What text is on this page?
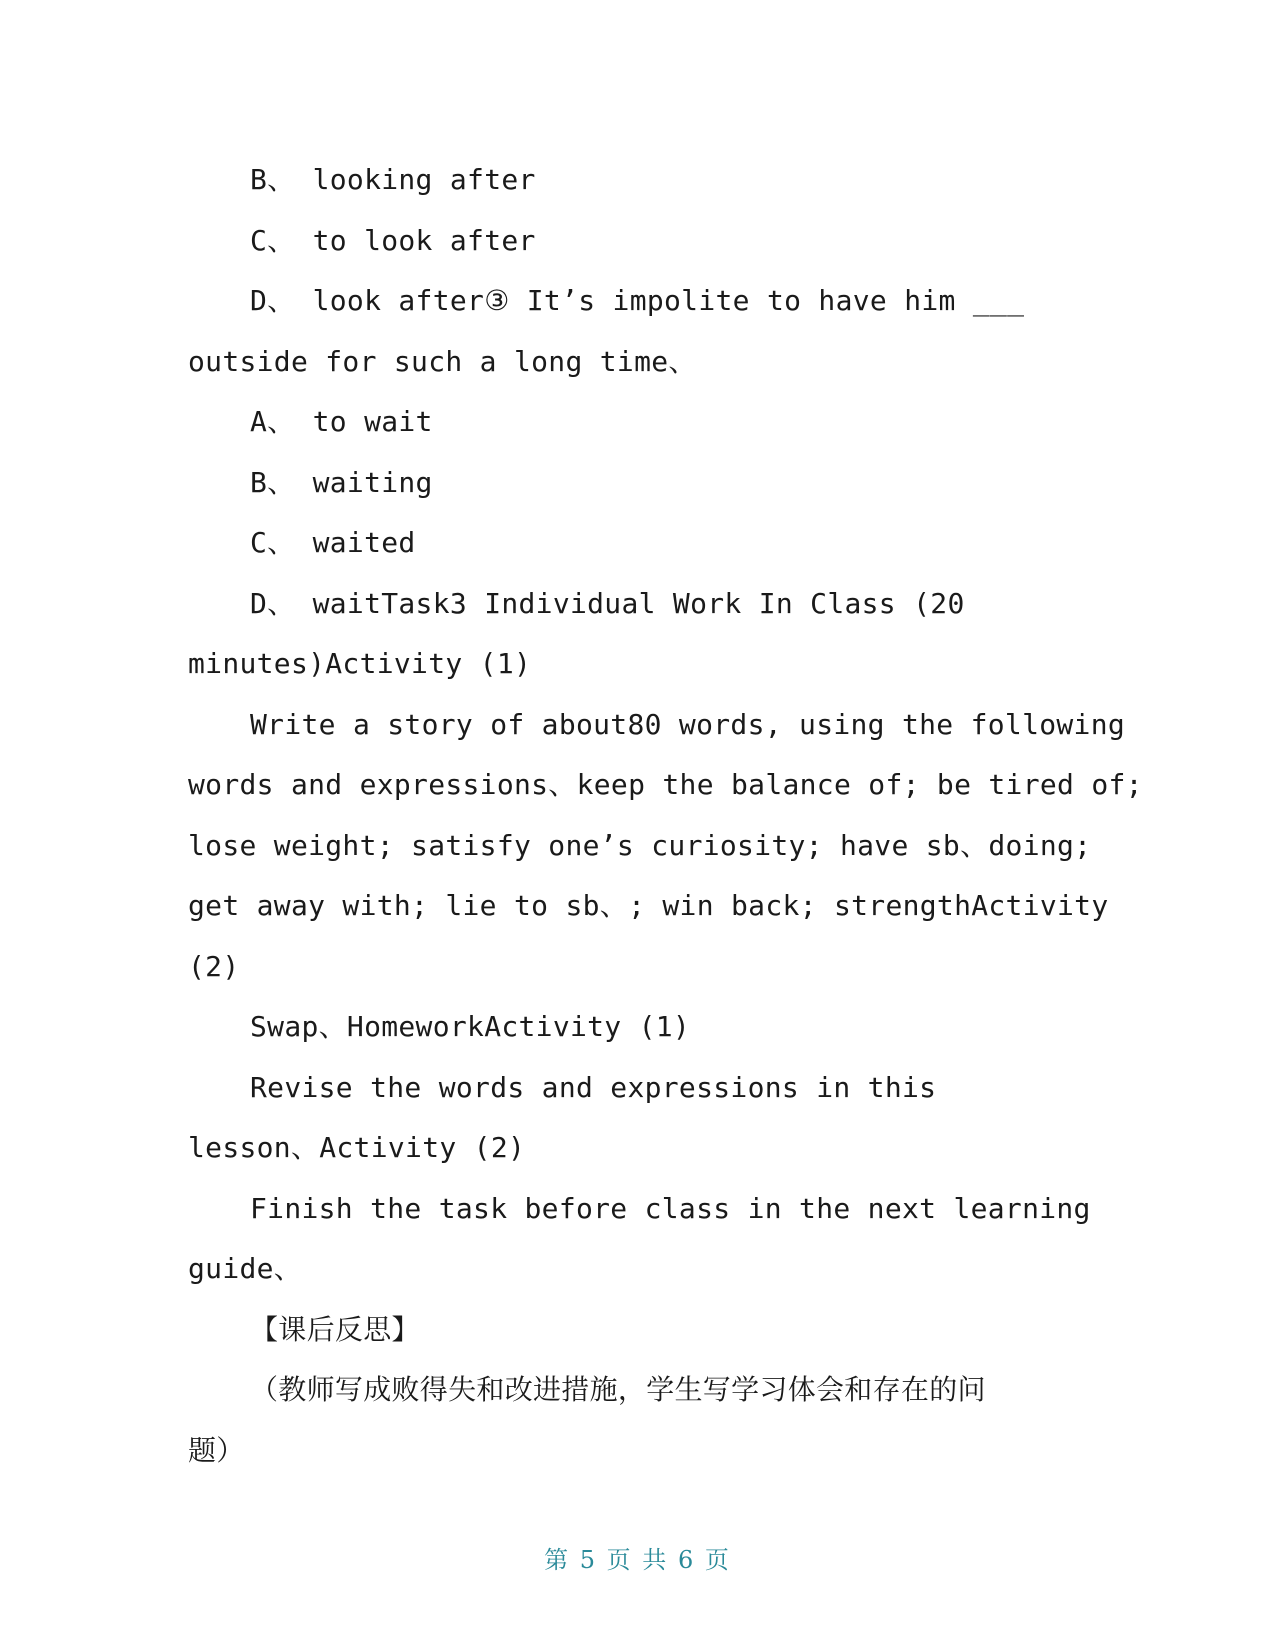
B、 looking after
C、 to look after
D、 look after③ It’s impolite to have him ___
outside for such a long time、
A、 to wait
B、 waiting
C、 waited
D、 waitTask3 Individual Work In Class (20
minutes)Activity (1)
Write a story of about80 words, using the following
words and expressions、keep the balance of; be tired of;
lose weight; satisfy one’s curiosity; have sb、doing;
get away with; lie to sb、; win back; strengthActivity
(2)
Swap、HomeworkActivity (1)
Revise the words and expressions in this
lesson、Activity (2)
Finish the task before class in the next learning
guide、
【课后反思】
（教师写成败得失和改进措施，学生写学习体会和存在的问
题）
第 5 页 共 6 页
